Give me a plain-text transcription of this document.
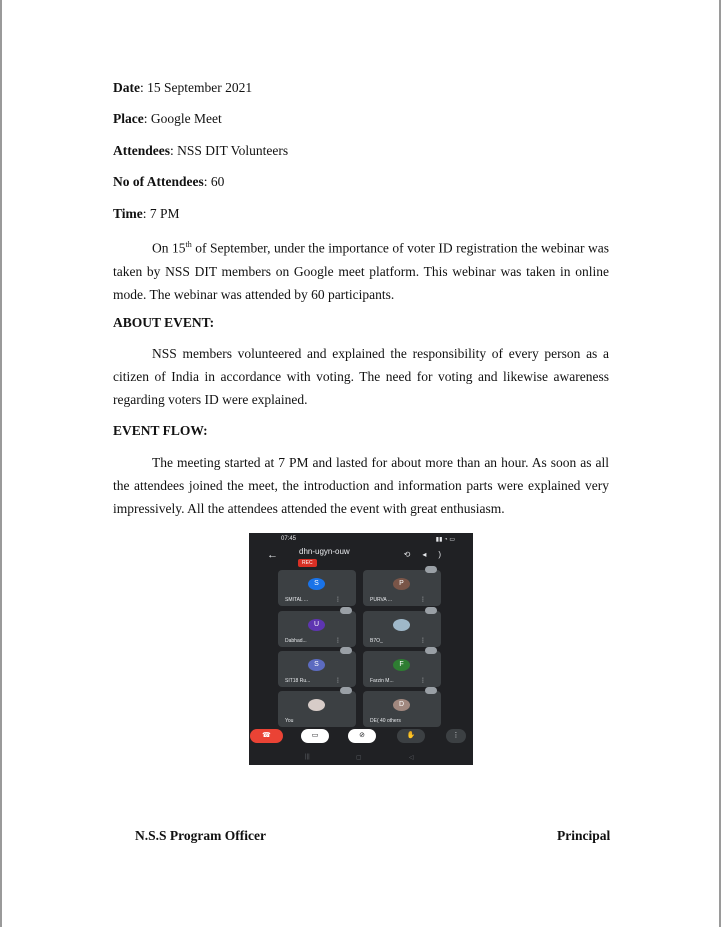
Date: 15 September 2021
Place: Google Meet
Attendees: NSS DIT Volunteers
No of Attendees: 60
Time: 7 PM
On 15th of September, under the importance of voter ID registration the webinar was taken by NSS DIT members on Google meet platform. This webinar was taken in online mode. The webinar was attended by 60 participants.
ABOUT EVENT:
NSS members volunteered and explained the responsibility of every person as a citizen of India in accordance with voting. The need for voting and likewise awareness regarding voters ID were explained.
EVENT FLOW:
The meeting started at 7 PM and lasted for about more than an hour. As soon as all the attendees joined the meet, the introduction and information parts were explained very impressively. All the attendees attended the event with great enthusiasm.
07:45	▮▮ ◔ ▭
←	dhn-ugyn-ouw
REC
⟲◂)
S
SMITAL ...	⋮
P
PURVA ...	⋮
U
Dabhad...	⋮	B7O_	⋮
S
SIT18 Ru...	⋮
F
Farzin M...	⋮
You
D
DE( 40 others
☎	▭	⊘	✋	⋮
|||	▢	◁
N.S.S Program Officer	Principal
